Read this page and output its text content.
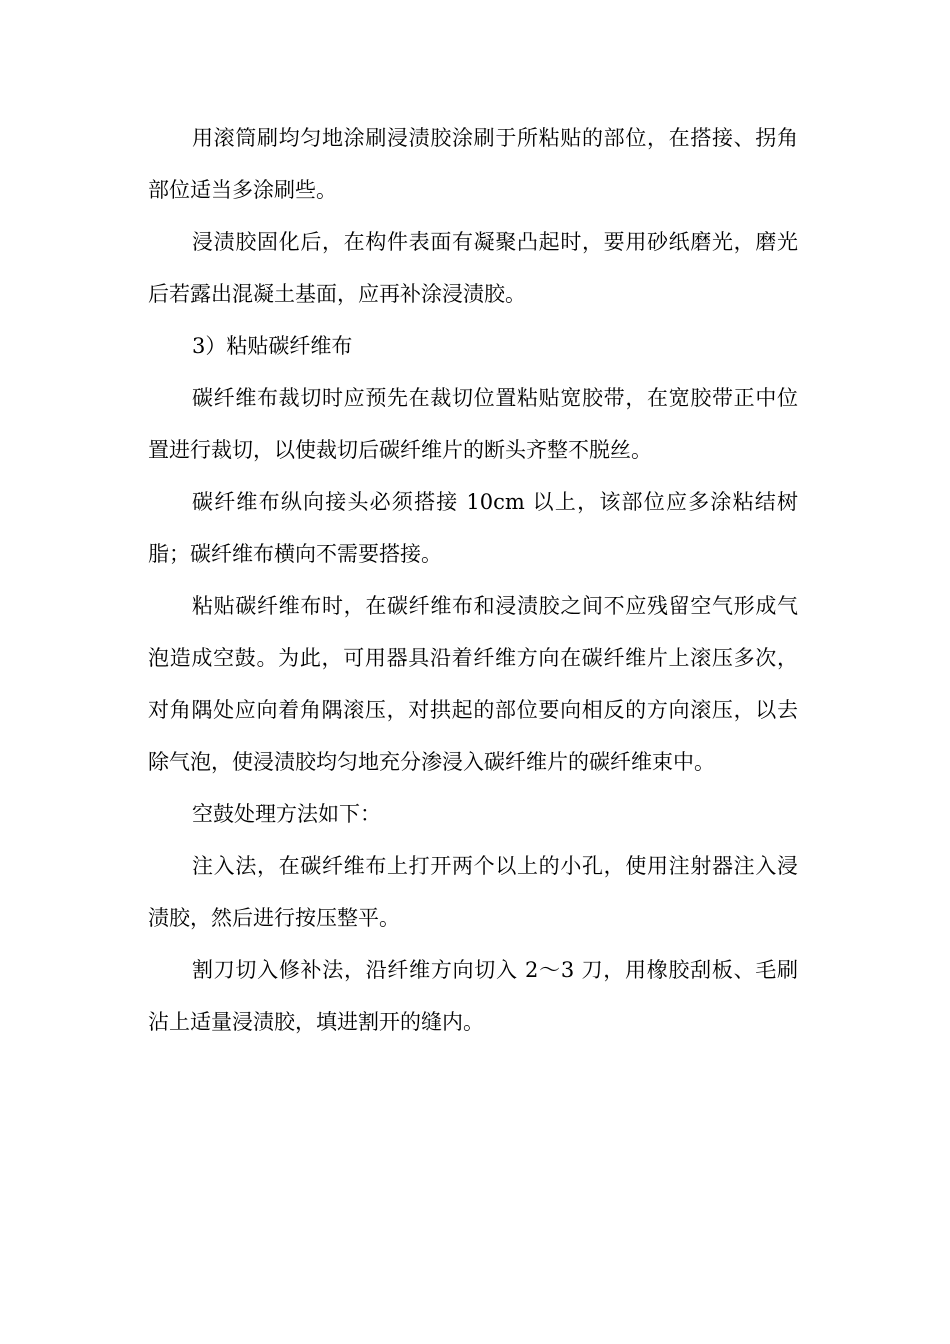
用滚筒刷均匀地涂刷浸渍胶涂刷于所粘贴的部位，在搭接、拐角部位适当多涂刷些。

浸渍胶固化后，在构件表面有凝聚凸起时，要用砂纸磨光，磨光后若露出混凝土基面，应再补涂浸渍胶。

3）粘贴碳纤维布

碳纤维布裁切时应预先在裁切位置粘贴宽胶带，在宽胶带正中位置进行裁切，以使裁切后碳纤维片的断头齐整不脱丝。

碳纤维布纵向接头必须搭接 10cm 以上，该部位应多涂粘结树脂；碳纤维布横向不需要搭接。

粘贴碳纤维布时，在碳纤维布和浸渍胶之间不应残留空气形成气泡造成空鼓。为此，可用器具沿着纤维方向在碳纤维片上滚压多次，对角隅处应向着角隅滚压，对拱起的部位要向相反的方向滚压，以去除气泡，使浸渍胶均匀地充分渗浸入碳纤维片的碳纤维束中。

空鼓处理方法如下：

注入法，在碳纤维布上打开两个以上的小孔，使用注射器注入浸渍胶，然后进行按压整平。

割刀切入修补法，沿纤维方向切入 2～3 刀，用橡胶刮板、毛刷沾上适量浸渍胶，填进割开的缝内。
